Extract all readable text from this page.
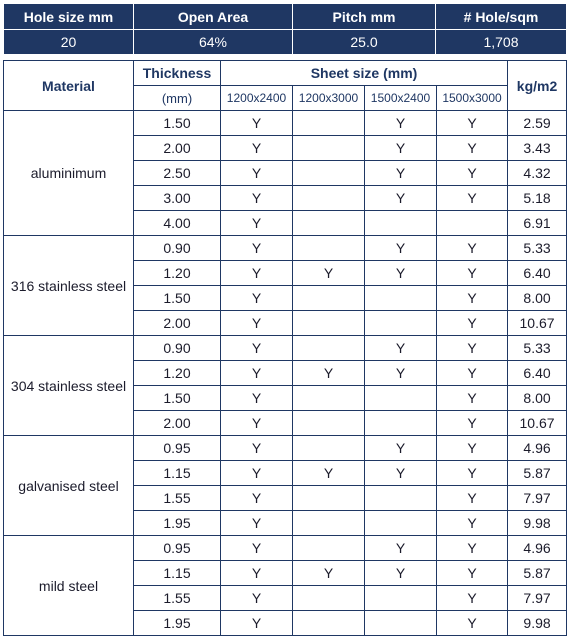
Hole size mm	Open Area	Pitch mm	# Hole/sqm
20	64%	25.0	1,708
Material	Thickness	Sheet size (mm)				kg/m2
	(mm)	1200x2400	1200x3000	1500x2400	1500x3000	
aluminimum	1.50	Y		Y	Y	2.59
	2.00	Y		Y	Y	3.43
	2.50	Y		Y	Y	4.32
	3.00	Y		Y	Y	5.18
	4.00	Y				6.91
316 stainless steel	0.90	Y		Y	Y	5.33
	1.20	Y	Y	Y	Y	6.40
	1.50	Y			Y	8.00
	2.00	Y			Y	10.67
304 stainless steel	0.90	Y		Y	Y	5.33
	1.20	Y	Y	Y	Y	6.40
	1.50	Y			Y	8.00
	2.00	Y			Y	10.67
galvanised steel	0.95	Y		Y	Y	4.96
	1.15	Y	Y	Y	Y	5.87
	1.55	Y			Y	7.97
	1.95	Y			Y	9.98
mild steel	0.95	Y		Y	Y	4.96
	1.15	Y	Y	Y	Y	5.87
	1.55	Y			Y	7.97
	1.95	Y			Y	9.98
